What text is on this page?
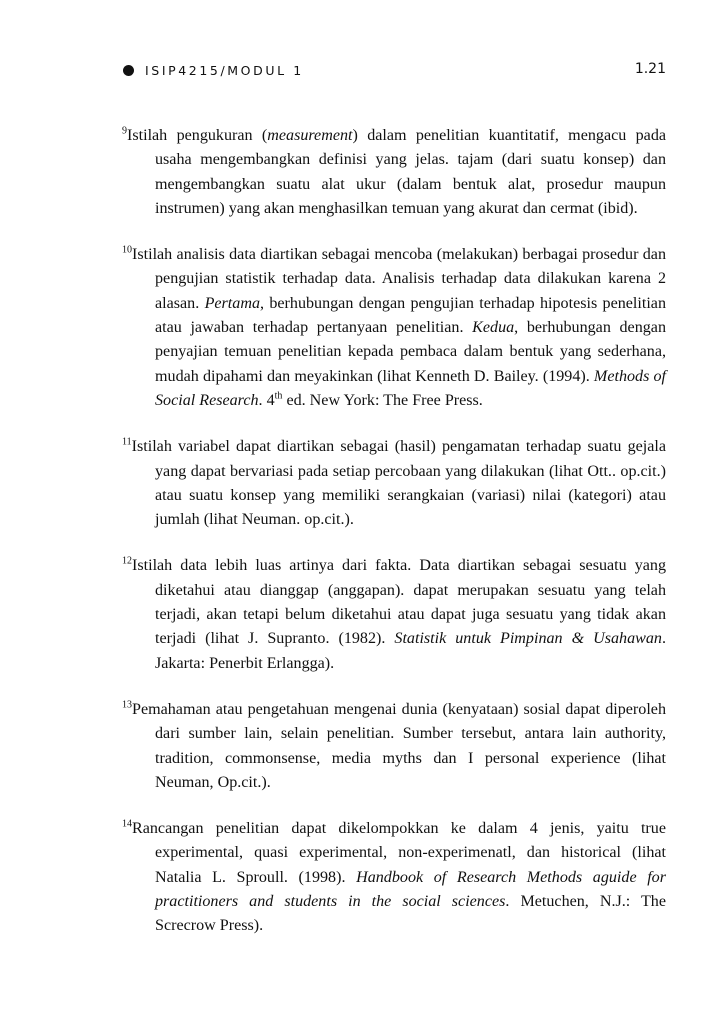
ISIP4215/MODUL 1	1.21

$^9$Istilah pengukuran (measurement) dalam penelitian kuantitatif, mengacu pada usaha mengembangkan definisi yang jelas. tajam (dari suatu konsep) dan mengembangkan suatu alat ukur (dalam bentuk alat, prosedur maupun instrumen) yang akan menghasilkan temuan yang akurat dan cermat (ibid).

$^{10}$Istilah analisis data diartikan sebagai mencoba (melakukan) berbagai prosedur dan pengujian statistik terhadap data. Analisis terhadap data dilakukan karena 2 alasan. Pertama, berhubungan dengan pengujian terhadap hipotesis penelitian atau jawaban terhadap pertanyaan penelitian. Kedua, berhubungan dengan penyajian temuan penelitian kepada pembaca dalam bentuk yang sederhana, mudah dipahami dan meyakinkan (lihat Kenneth D. Bailey. (1994). Methods of Social Research. 4th ed. New York: The Free Press.

$^{11}$Istilah variabel dapat diartikan sebagai (hasil) pengamatan terhadap suatu gejala yang dapat bervariasi pada setiap percobaan yang dilakukan (lihat Ott.. op.cit.) atau suatu konsep yang memiliki serangkaian (variasi) nilai (kategori) atau jumlah (lihat Neuman. op.cit.).

$^{12}$Istilah data lebih luas artinya dari fakta. Data diartikan sebagai sesuatu yang diketahui atau dianggap (anggapan). dapat merupakan sesuatu yang telah terjadi, akan tetapi belum diketahui atau dapat juga sesuatu yang tidak akan terjadi (lihat J. Supranto. (1982). Statistik untuk Pimpinan & Usahawan. Jakarta: Penerbit Erlangga).

$^{13}$Pemahaman atau pengetahuan mengenai dunia (kenyataan) sosial dapat diperoleh dari sumber lain, selain penelitian. Sumber tersebut, antara lain authority, tradition, commonsense, media myths dan I personal experience (lihat Neuman, Op.cit.).

$^{14}$Rancangan penelitian dapat dikelompokkan ke dalam 4 jenis, yaitu true experimental, quasi experimental, non-experimenatl, dan historical (lihat Natalia L. Sproull. (1998). Handbook of Research Methods aguide for practitioners and students in the social sciences. Metuchen, N.J.: The Screcrow Press).
